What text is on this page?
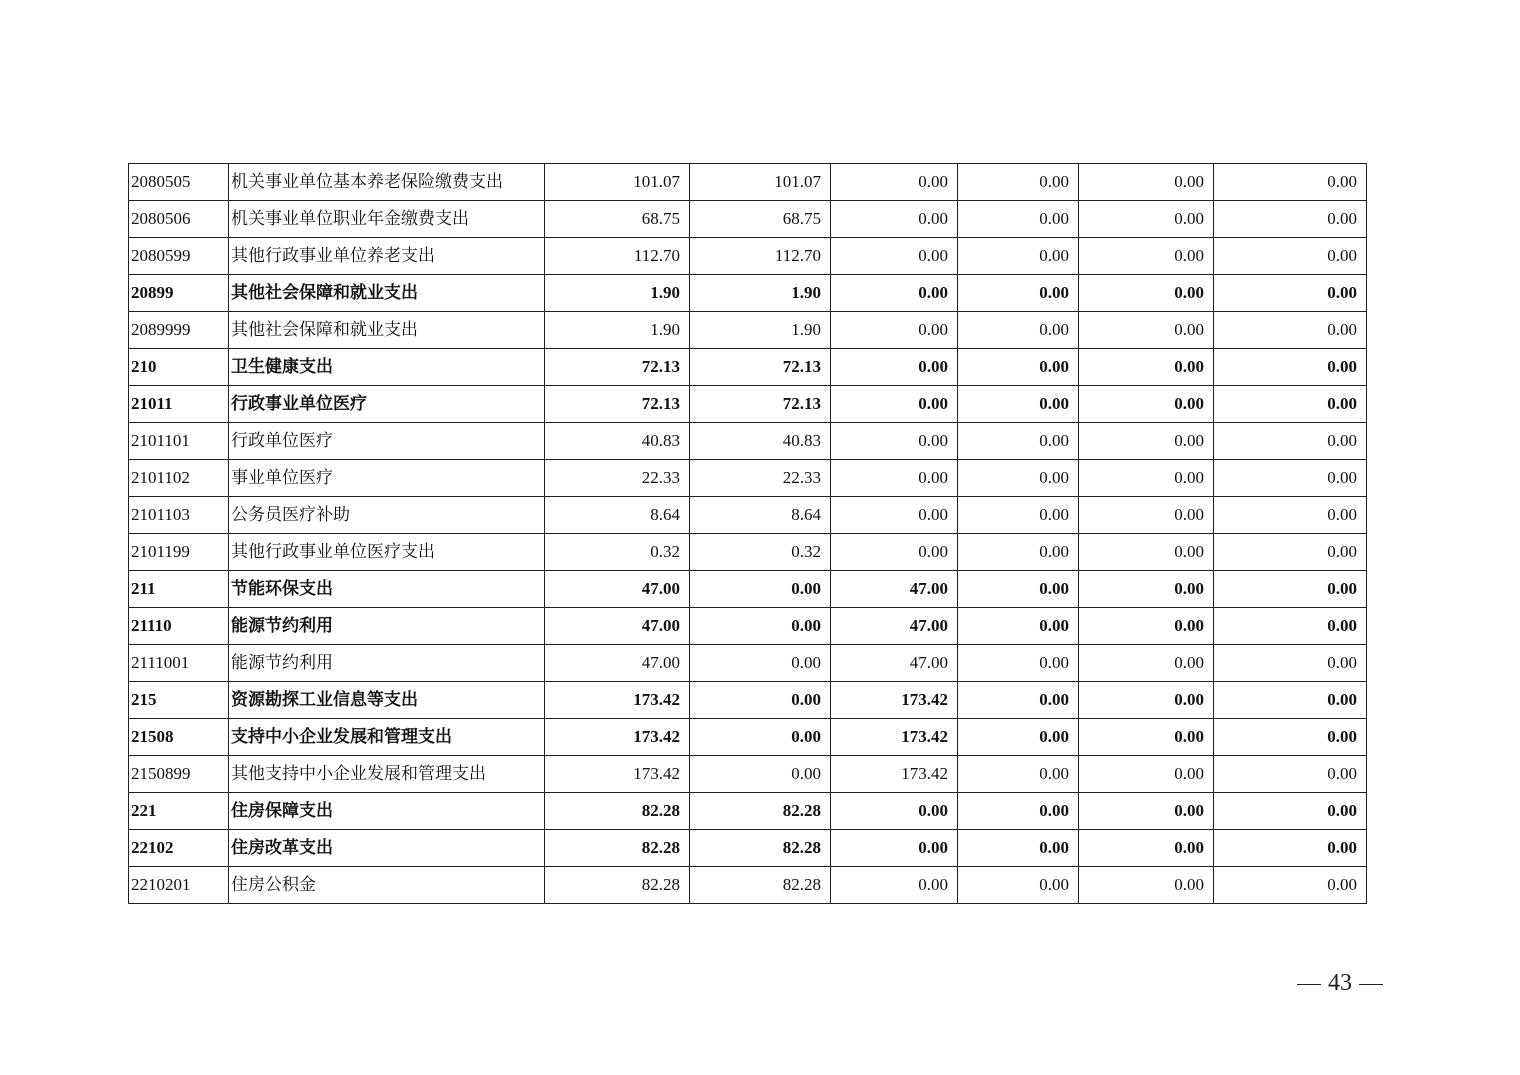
2080505	机关事业单位基本养老保险缴费支出	101.07	101.07	0.00	0.00	0.00	0.00
2080506	机关事业单位职业年金缴费支出	68.75	68.75	0.00	0.00	0.00	0.00
2080599	其他行政事业单位养老支出	112.70	112.70	0.00	0.00	0.00	0.00
20899	其他社会保障和就业支出	1.90	1.90	0.00	0.00	0.00	0.00
2089999	其他社会保障和就业支出	1.90	1.90	0.00	0.00	0.00	0.00
210	卫生健康支出	72.13	72.13	0.00	0.00	0.00	0.00
21011	行政事业单位医疗	72.13	72.13	0.00	0.00	0.00	0.00
2101101	行政单位医疗	40.83	40.83	0.00	0.00	0.00	0.00
2101102	事业单位医疗	22.33	22.33	0.00	0.00	0.00	0.00
2101103	公务员医疗补助	8.64	8.64	0.00	0.00	0.00	0.00
2101199	其他行政事业单位医疗支出	0.32	0.32	0.00	0.00	0.00	0.00
211	节能环保支出	47.00	0.00	47.00	0.00	0.00	0.00
21110	能源节约利用	47.00	0.00	47.00	0.00	0.00	0.00
2111001	能源节约利用	47.00	0.00	47.00	0.00	0.00	0.00
215	资源勘探工业信息等支出	173.42	0.00	173.42	0.00	0.00	0.00
21508	支持中小企业发展和管理支出	173.42	0.00	173.42	0.00	0.00	0.00
2150899	其他支持中小企业发展和管理支出	173.42	0.00	173.42	0.00	0.00	0.00
221	住房保障支出	82.28	82.28	0.00	0.00	0.00	0.00
22102	住房改革支出	82.28	82.28	0.00	0.00	0.00	0.00
2210201	住房公积金	82.28	82.28	0.00	0.00	0.00	0.00
43
